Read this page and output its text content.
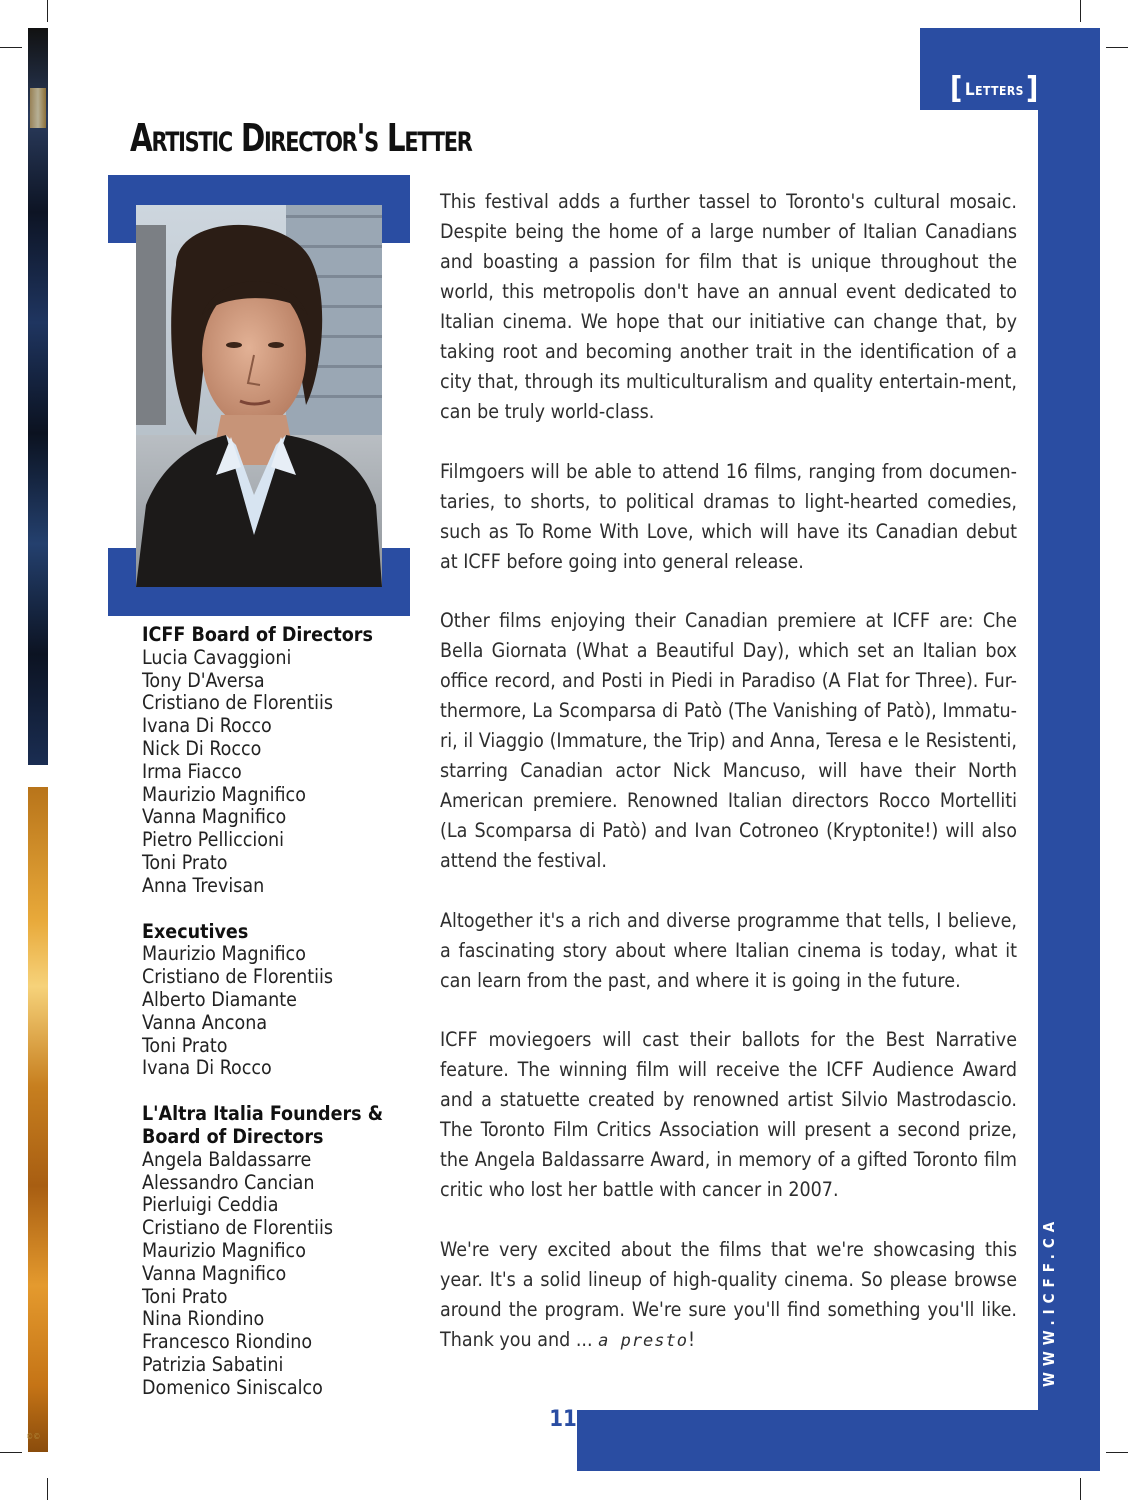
©©
[ Letters ]
WWW.ICFF.CA
Artistic Director's Letter
ICFF Board of Directors
Lucia Cavaggioni
Tony D'Aversa
Cristiano de Florentiis
Ivana Di Rocco
Nick Di Rocco
Irma Fiacco
Maurizio Magnifico
Vanna Magnifico
Pietro Pelliccioni
Toni Prato
Anna Trevisan
Executives
Maurizio Magnifico
Cristiano de Florentiis
Alberto Diamante
Vanna Ancona
Toni Prato
Ivana Di Rocco
L'Altra Italia Founders &
Board of Directors
Angela Baldassarre
Alessandro Cancian
Pierluigi Ceddia
Cristiano de Florentiis
Maurizio Magnifico
Vanna Magnifico
Toni Prato
Nina Riondino
Francesco Riondino
Patrizia Sabatini
Domenico Siniscalco

This festival adds a further tassel to Toronto's cultural mosaic. Despite being the home of a large number of Italian Canadians and boasting a passion for film that is unique throughout the world, this metropolis don't have an annual event dedicated to Italian cinema. We hope that our initiative can change that, by taking root and becoming another trait in the identification of a city that, through its multiculturalism and quality entertain-ment, can be truly world-class.

Filmgoers will be able to attend 16 films, ranging from documen-taries, to shorts, to political dramas to light-hearted comedies, such as To Rome With Love, which will have its Canadian debut at ICFF before going into general release.

Other films enjoying their Canadian premiere at ICFF are: Che Bella Giornata (What a Beautiful Day), which set an Italian box office record, and Posti in Piedi in Paradiso (A Flat for Three). Fur-thermore, La Scomparsa di Patò (The Vanishing of Patò), Immatu-ri, il Viaggio (Immature, the Trip) and Anna, Teresa e le Resistenti, starring Canadian actor Nick Mancuso, will have their North American premiere. Renowned Italian directors Rocco Mortelliti (La Scomparsa di Patò) and Ivan Cotroneo (Kryptonite!) will also attend the festival.

Altogether it's a rich and diverse programme that tells, I believe, a fascinating story about where Italian cinema is today, what it can learn from the past, and where it is going in the future.

ICFF moviegoers will cast their ballots for the Best Narrative feature. The winning film will receive the ICFF Audience Award and a statuette created by renowned artist Silvio Mastrodascio. The Toronto Film Critics Association will present a second prize, the Angela Baldassarre Award, in memory of a gifted Toronto film critic who lost her battle with cancer in 2007.

We're very excited about the films that we're showcasing this year. It's a solid lineup of high-quality cinema. So please browse around the program. We're sure you'll find something you'll like. Thank you and ... a presto!

11
